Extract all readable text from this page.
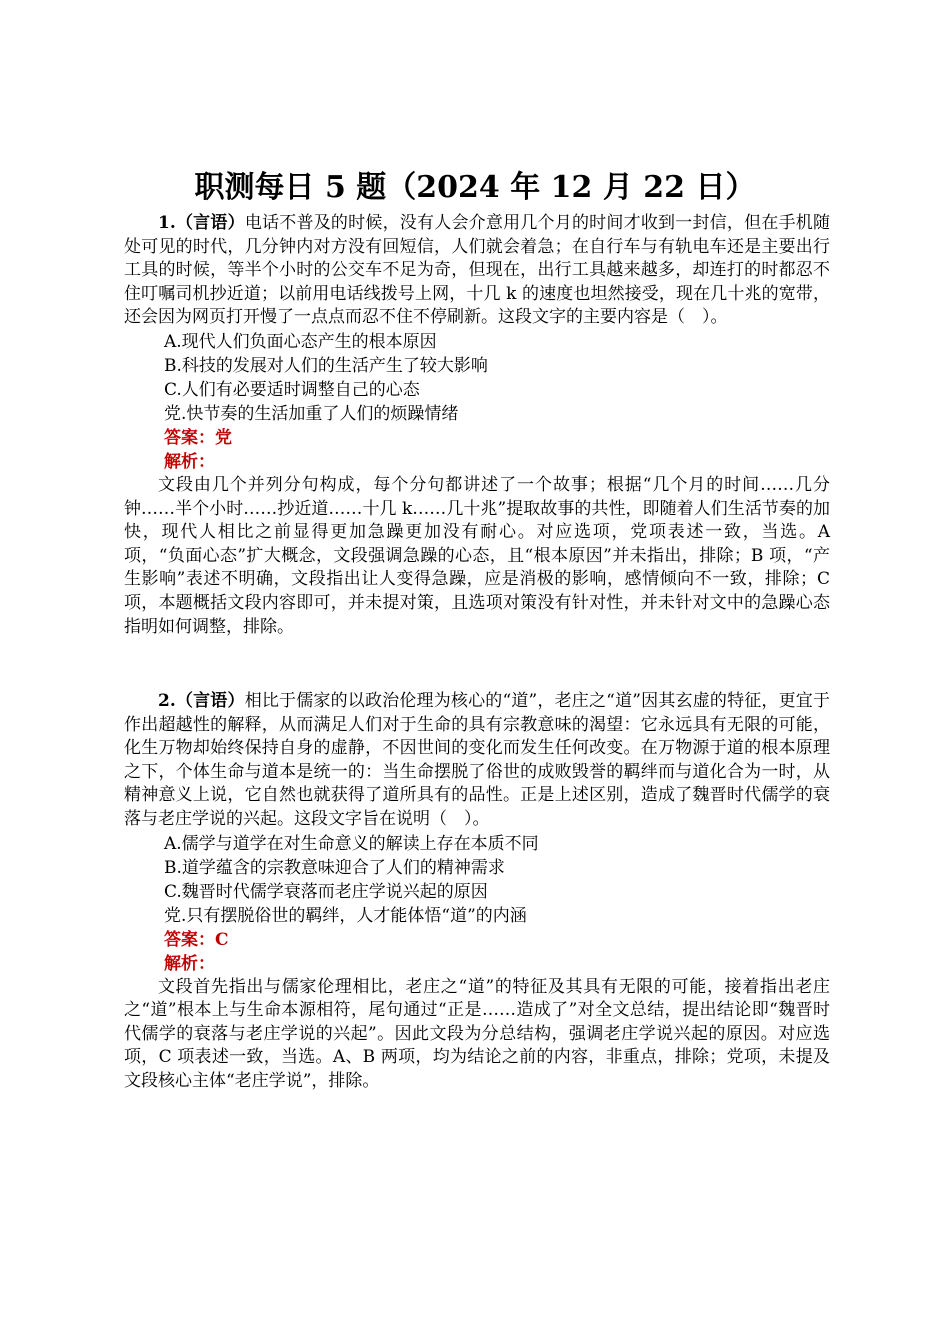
职测每日 5 题（2024 年 12 月 22 日）

1.（言语）电话不普及的时候，没有人会介意用几个月的时间才收到一封信，但在手机随处可见的时代，几分钟内对方没有回短信，人们就会着急；在自行车与有轨电车还是主要出行工具的时候，等半个小时的公交车不足为奇，但现在，出行工具越来越多，却连打的时都忍不住叮嘱司机抄近道；以前用电话线拨号上网，十几 k 的速度也坦然接受，现在几十兆的宽带，还会因为网页打开慢了一点点而忍不住不停刷新。这段文字的主要内容是（　）。

A.现代人们负面心态产生的根本原因

B.科技的发展对人们的生活产生了较大影响

C.人们有必要适时调整自己的心态

党.快节奏的生活加重了人们的烦躁情绪

答案：党

解析：

文段由几个并列分句构成，每个分句都讲述了一个故事；根据“几个月的时间……几分钟……半个小时……抄近道……十几 k……几十兆”提取故事的共性，即随着人们生活节奏的加快，现代人相比之前显得更加急躁更加没有耐心。对应选项，党项表述一致，当选。A 项，“负面心态”扩大概念，文段强调急躁的心态，且“根本原因”并未指出，排除；B 项，“产生影响”表述不明确，文段指出让人变得急躁，应是消极的影响，感情倾向不一致，排除；C 项，本题概括文段内容即可，并未提对策，且选项对策没有针对性，并未针对文中的急躁心态指明如何调整，排除。

2.（言语）相比于儒家的以政治伦理为核心的“道”，老庄之“道”因其玄虚的特征，更宜于作出超越性的解释，从而满足人们对于生命的具有宗教意味的渴望：它永远具有无限的可能，化生万物却始终保持自身的虚静，不因世间的变化而发生任何改变。在万物源于道的根本原理之下，个体生命与道本是统一的：当生命摆脱了俗世的成败毁誉的羁绊而与道化合为一时，从精神意义上说，它自然也就获得了道所具有的品性。正是上述区别，造成了魏晋时代儒学的衰落与老庄学说的兴起。这段文字旨在说明（　）。

A.儒学与道学在对生命意义的解读上存在本质不同

B.道学蕴含的宗教意味迎合了人们的精神需求

C.魏晋时代儒学衰落而老庄学说兴起的原因

党.只有摆脱俗世的羁绊，人才能体悟“道”的内涵

答案：C

解析：

文段首先指出与儒家伦理相比，老庄之“道”的特征及其具有无限的可能，接着指出老庄之“道”根本上与生命本源相符，尾句通过“正是……造成了”对全文总结，提出结论即“魏晋时代儒学的衰落与老庄学说的兴起”。因此文段为分总结构，强调老庄学说兴起的原因。对应选项，C 项表述一致，当选。A、B 两项，均为结论之前的内容，非重点，排除；党项，未提及文段核心主体“老庄学说”，排除。
